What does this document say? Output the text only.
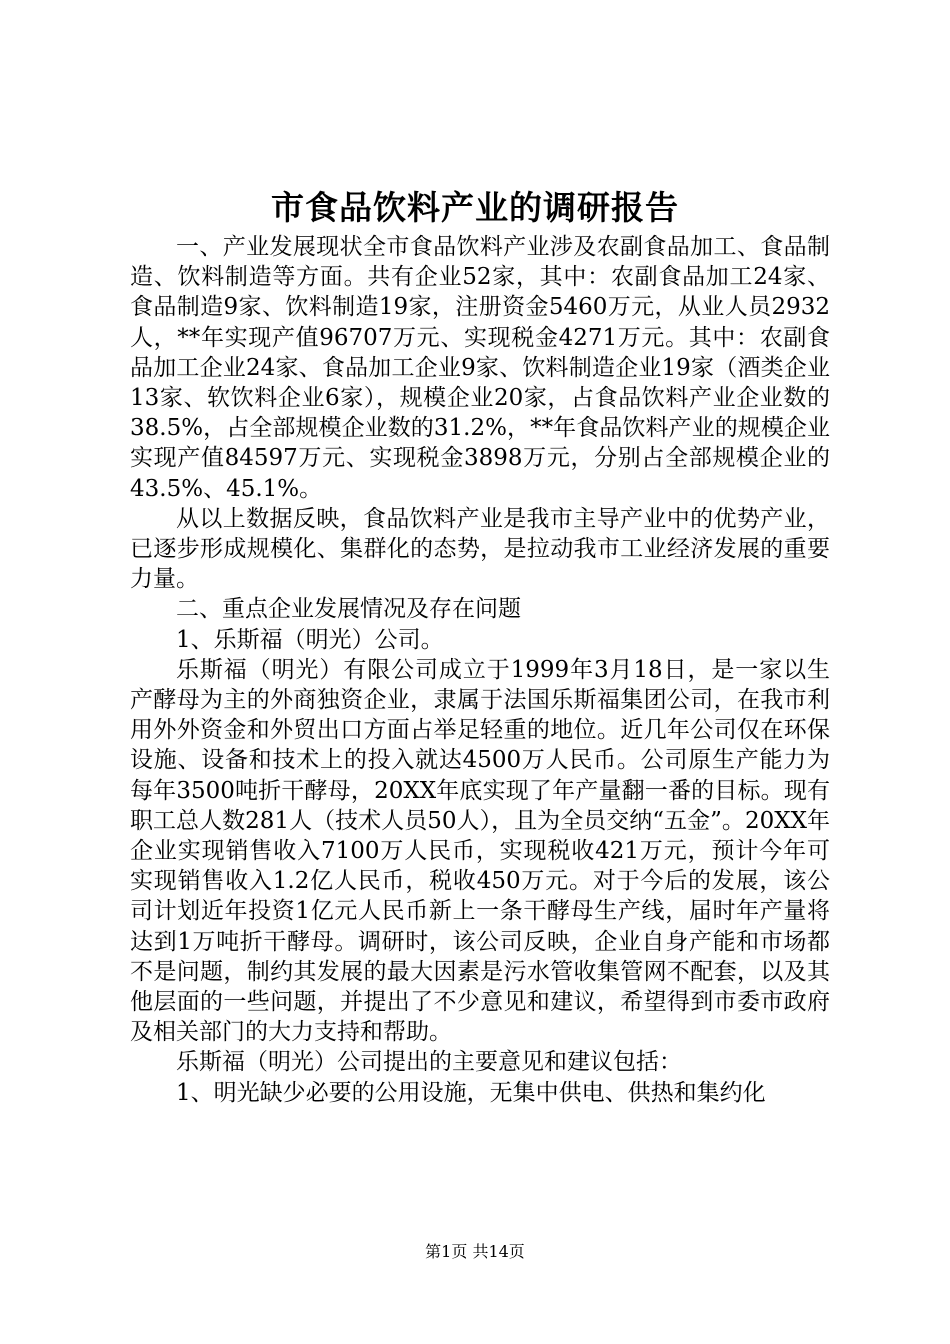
市食品饮料产业的调研报告

一、产业发展现状全市食品饮料产业涉及农副食品加工、食品制造、饮料制造等方面。共有企业52家，其中：农副食品加工24家、食品制造9家、饮料制造19家，注册资金5460万元，从业人员2932人，**年实现产值96707万元、实现税金4271万元。其中：农副食品加工企业24家、食品加工企业9家、饮料制造企业19家（酒类企业13家、软饮料企业6家），规模企业20家，占食品饮料产业企业数的38.5%，占全部规模企业数的31.2%，**年食品饮料产业的规模企业实现产值84597万元、实现税金3898万元，分别占全部规模企业的43.5%、45.1%。

从以上数据反映，食品饮料产业是我市主导产业中的优势产业，已逐步形成规模化、集群化的态势，是拉动我市工业经济发展的重要力量。

二、重点企业发展情况及存在问题

1、乐斯福（明光）公司。

乐斯福（明光）有限公司成立于1999年3月18日，是一家以生产酵母为主的外商独资企业，隶属于法国乐斯福集团公司，在我市利用外外资金和外贸出口方面占举足轻重的地位。近几年公司仅在环保设施、设备和技术上的投入就达4500万人民币。公司原生产能力为每年3500吨折干酵母，20XX年底实现了年产量翻一番的目标。现有职工总人数281人（技术人员50人），且为全员交纳“五金”。20XX年企业实现销售收入7100万人民币，实现税收421万元，预计今年可实现销售收入1.2亿人民币，税收450万元。对于今后的发展，该公司计划近年投资1亿元人民币新上一条干酵母生产线，届时年产量将达到1万吨折干酵母。调研时，该公司反映，企业自身产能和市场都不是问题，制约其发展的最大因素是污水管收集管网不配套，以及其他层面的一些问题，并提出了不少意见和建议，希望得到市委市政府及相关部门的大力支持和帮助。

乐斯福（明光）公司提出的主要意见和建议包括：

1、明光缺少必要的公用设施，无集中供电、供热和集约化

第1页 共14页
